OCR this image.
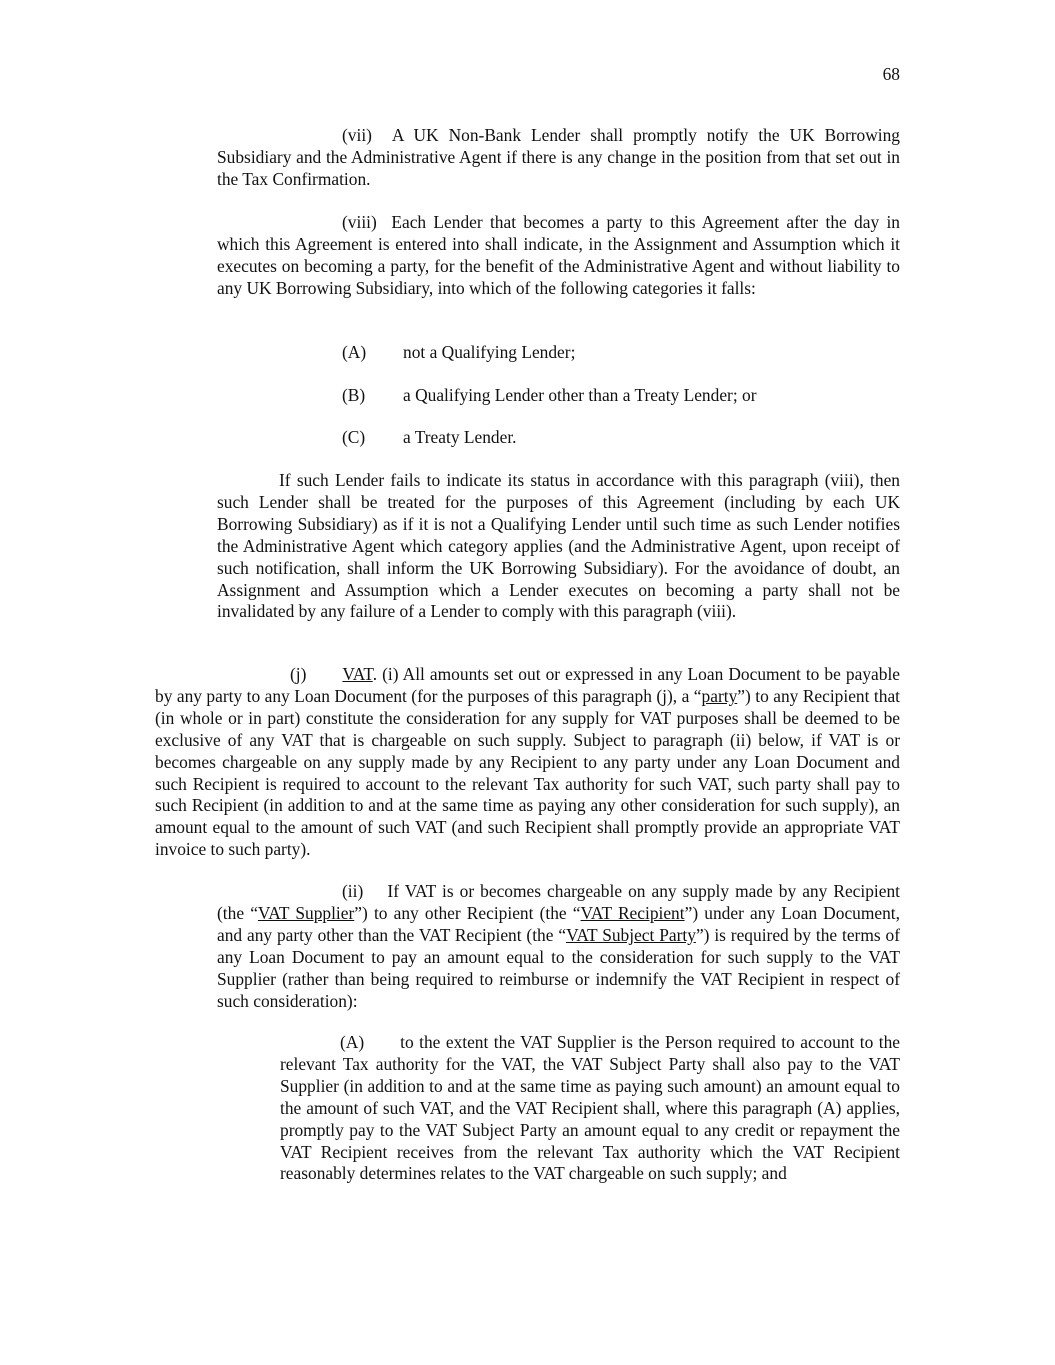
68

(vii) A UK Non-Bank Lender shall promptly notify the UK Borrowing Subsidiary and the Administrative Agent if there is any change in the position from that set out in the Tax Confirmation.

(viii) Each Lender that becomes a party to this Agreement after the day in which this Agreement is entered into shall indicate, in the Assignment and Assumption which it executes on becoming a party, for the benefit of the Administrative Agent and without liability to any UK Borrowing Subsidiary, into which of the following categories it falls:

(A) not a Qualifying Lender;
(B) a Qualifying Lender other than a Treaty Lender; or
(C) a Treaty Lender.

If such Lender fails to indicate its status in accordance with this paragraph (viii), then such Lender shall be treated for the purposes of this Agreement (including by each UK Borrowing Subsidiary) as if it is not a Qualifying Lender until such time as such Lender notifies the Administrative Agent which category applies (and the Administrative Agent, upon receipt of such notification, shall inform the UK Borrowing Subsidiary). For the avoidance of doubt, an Assignment and Assumption which a Lender executes on becoming a party shall not be invalidated by any failure of a Lender to comply with this paragraph (viii).

(j) VAT. (i) All amounts set out or expressed in any Loan Document to be payable by any party to any Loan Document (for the purposes of this paragraph (j), a “party”) to any Recipient that (in whole or in part) constitute the consideration for any supply for VAT purposes shall be deemed to be exclusive of any VAT that is chargeable on such supply. Subject to paragraph (ii) below, if VAT is or becomes chargeable on any supply made by any Recipient to any party under any Loan Document and such Recipient is required to account to the relevant Tax authority for such VAT, such party shall pay to such Recipient (in addition to and at the same time as paying any other consideration for such supply), an amount equal to the amount of such VAT (and such Recipient shall promptly provide an appropriate VAT invoice to such party).

(ii) If VAT is or becomes chargeable on any supply made by any Recipient (the “VAT Supplier”) to any other Recipient (the “VAT Recipient”) under any Loan Document, and any party other than the VAT Recipient (the “VAT Subject Party”) is required by the terms of any Loan Document to pay an amount equal to the consideration for such supply to the VAT Supplier (rather than being required to reimburse or indemnify the VAT Recipient in respect of such consideration):

(A) to the extent the VAT Supplier is the Person required to account to the relevant Tax authority for the VAT, the VAT Subject Party shall also pay to the VAT Supplier (in addition to and at the same time as paying such amount) an amount equal to the amount of such VAT, and the VAT Recipient shall, where this paragraph (A) applies, promptly pay to the VAT Subject Party an amount equal to any credit or repayment the VAT Recipient receives from the relevant Tax authority which the VAT Recipient reasonably determines relates to the VAT chargeable on such supply; and
